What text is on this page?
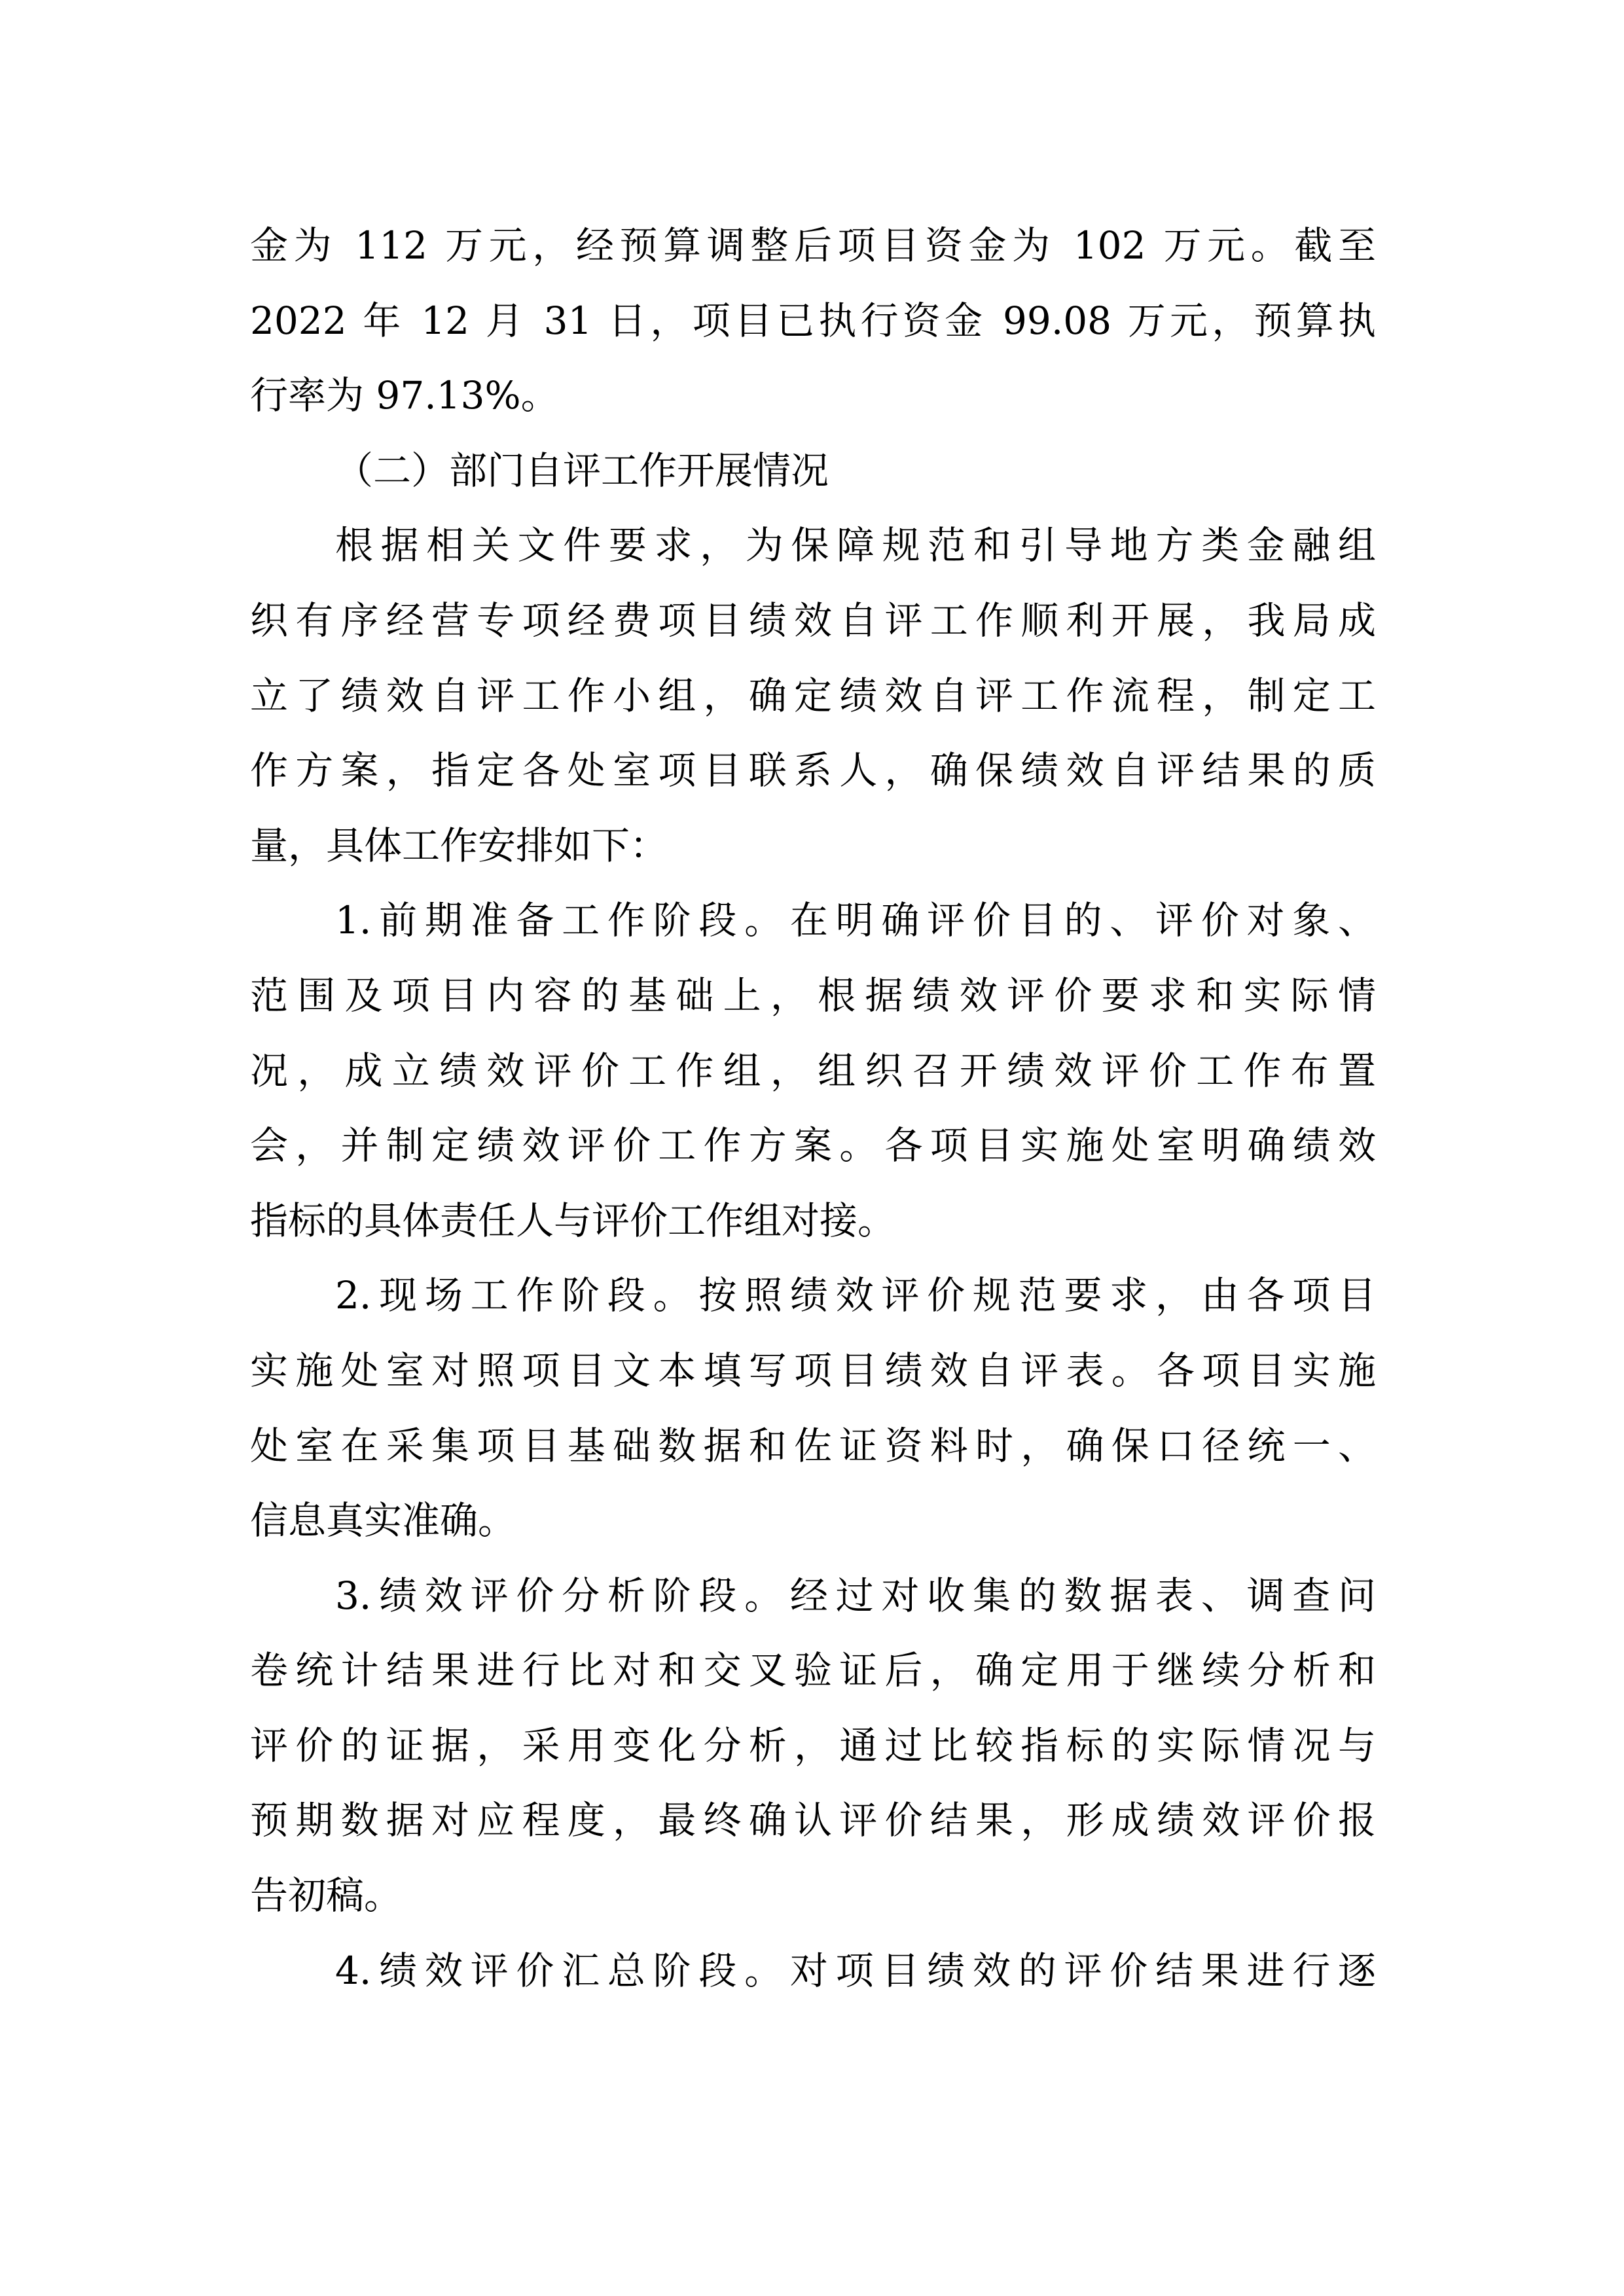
金为 112 万元，经预算调整后项目资金为 102 万元。截至
2022 年 12 月 31 日，项目已执行资金 99.08 万元，预算执
行率为 97.13%。
（二）部门自评工作开展情况
根据相关文件要求，为保障规范和引导地方类金融组
织有序经营专项经费项目绩效自评工作顺利开展，我局成
立了绩效自评工作小组，确定绩效自评工作流程，制定工
作方案，指定各处室项目联系人，确保绩效自评结果的质
量，具体工作安排如下：
1.前期准备工作阶段。在明确评价目的、评价对象、
范围及项目内容的基础上，根据绩效评价要求和实际情
况，成立绩效评价工作组，组织召开绩效评价工作布置
会，并制定绩效评价工作方案。各项目实施处室明确绩效
指标的具体责任人与评价工作组对接。
2.现场工作阶段。按照绩效评价规范要求，由各项目
实施处室对照项目文本填写项目绩效自评表。各项目实施
处室在采集项目基础数据和佐证资料时，确保口径统一、
信息真实准确。
3.绩效评价分析阶段。经过对收集的数据表、调查问
卷统计结果进行比对和交叉验证后，确定用于继续分析和
评价的证据，采用变化分析，通过比较指标的实际情况与
预期数据对应程度，最终确认评价结果，形成绩效评价报
告初稿。
4.绩效评价汇总阶段。对项目绩效的评价结果进行逐
